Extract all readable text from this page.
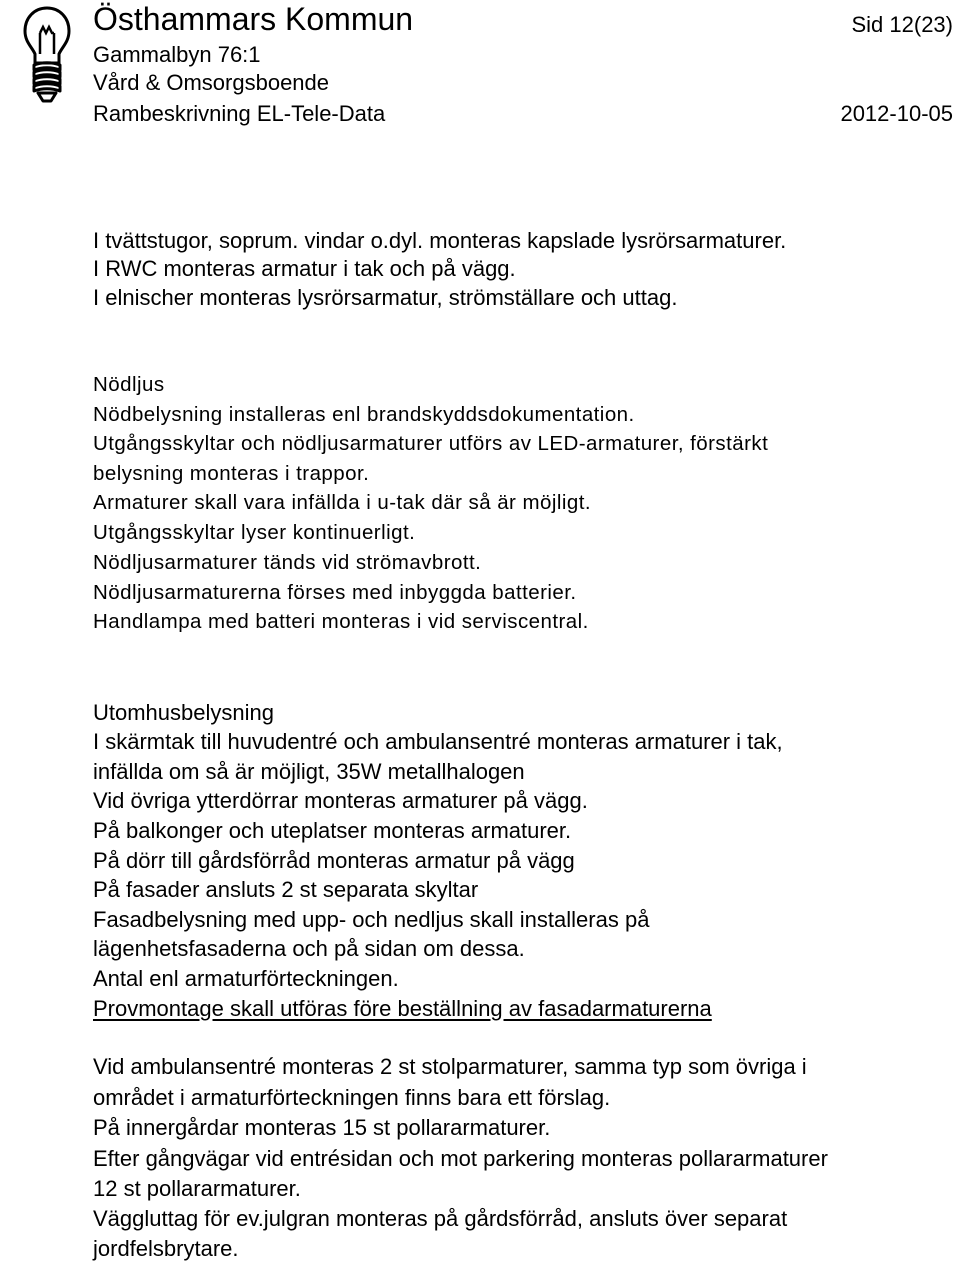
Östhammars Kommun
Gammalbyn 76:1
Vård & Omsorgsboende
Rambeskrivning EL-Tele-Data
Sid 12(23)
2012-10-05
I tvättstugor, soprum. vindar o.dyl. monteras kapslade lysrörsarmaturer.
I RWC monteras armatur i tak och på vägg.
I elnischer monteras lysrörsarmatur, strömställare och uttag.
Nödljus
Nödbelysning installeras enl brandskyddsdokumentation.
Utgångsskyltar och nödljusarmaturer utförs av LED-armaturer, förstärkt
belysning monteras i trappor.
Armaturer skall vara infällda i u-tak där så är möjligt.
Utgångsskyltar lyser kontinuerligt.
Nödljusarmaturer tänds vid strömavbrott.
Nödljusarmaturerna förses med inbyggda batterier.
Handlampa med batteri monteras i vid serviscentral.
Utomhusbelysning
I skärmtak till huvudentré och ambulansentré monteras armaturer i tak,
infällda om så är möjligt, 35W metallhalogen
Vid övriga ytterdörrar monteras armaturer på vägg.
På balkonger och uteplatser monteras armaturer.
På dörr till gårdsförråd monteras armatur på vägg
På fasader ansluts 2 st separata skyltar
Fasadbelysning med upp- och nedljus skall installeras på
lägenhetsfasaderna och på sidan om dessa.
Antal enl armaturförteckningen.
Provmontage skall utföras före beställning av fasadarmaturerna
Vid ambulansentré monteras 2 st stolparmaturer, samma typ som övriga i
området i armaturförteckningen finns bara ett förslag.
På innergårdar monteras 15 st pollararmaturer.
Efter gångvägar vid entrésidan och mot parkering monteras pollararmaturer
12 st pollararmaturer.
Väggluttag för ev.julgran monteras på gårdsförråd, ansluts över separat
jordfelsbrytare.
